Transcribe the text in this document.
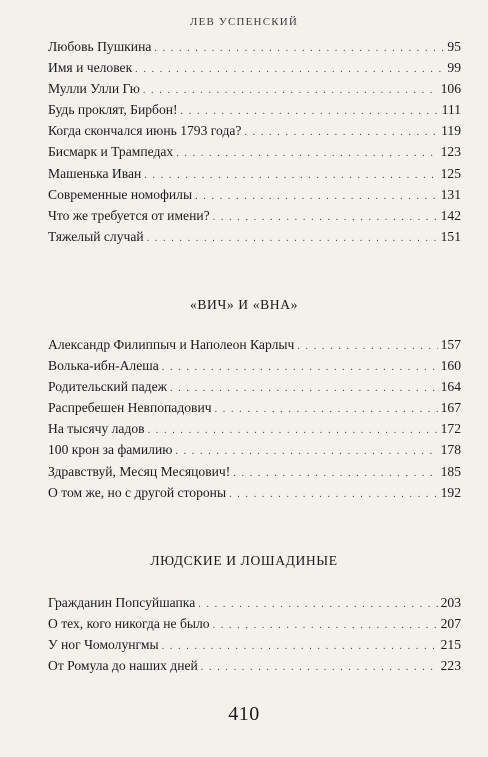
ЛЕВ УСПЕНСКИЙ
Любовь Пушкина . . .	95
Имя и человек . . .	99
Мулли Улли Гю . . .	106
Будь проклят, Бирбон! . . .	111
Когда скончался июнь 1793 года? . . .	119
Бисмарк и Трампедах . . .	123
Машенька Иван . . .	125
Современные номофилы . . .	131
Что же требуется от имени? . . .	142
Тяжелый случай . . .	151
«ВИЧ» И «ВНА»
Александр Филиппыч и Наполеон Карлыч . . .	157
Волька-ибн-Алеша . . .	160
Родительский падеж . . .	164
Распребешен Невпопадович . . .	167
На тысячу ладов . . .	172
100 крон за фамилию . . .	178
Здравствуй, Месяц Месяцович! . . .	185
О том же, но с другой стороны . . .	192
ЛЮДСКИЕ И ЛОШАДИНЫЕ
Гражданин Попсуйшапка . . .	203
О тех, кого никогда не было . . .	207
У ног Чомолунгмы . . .	215
От Ромула до наших дней . . .	223
410
